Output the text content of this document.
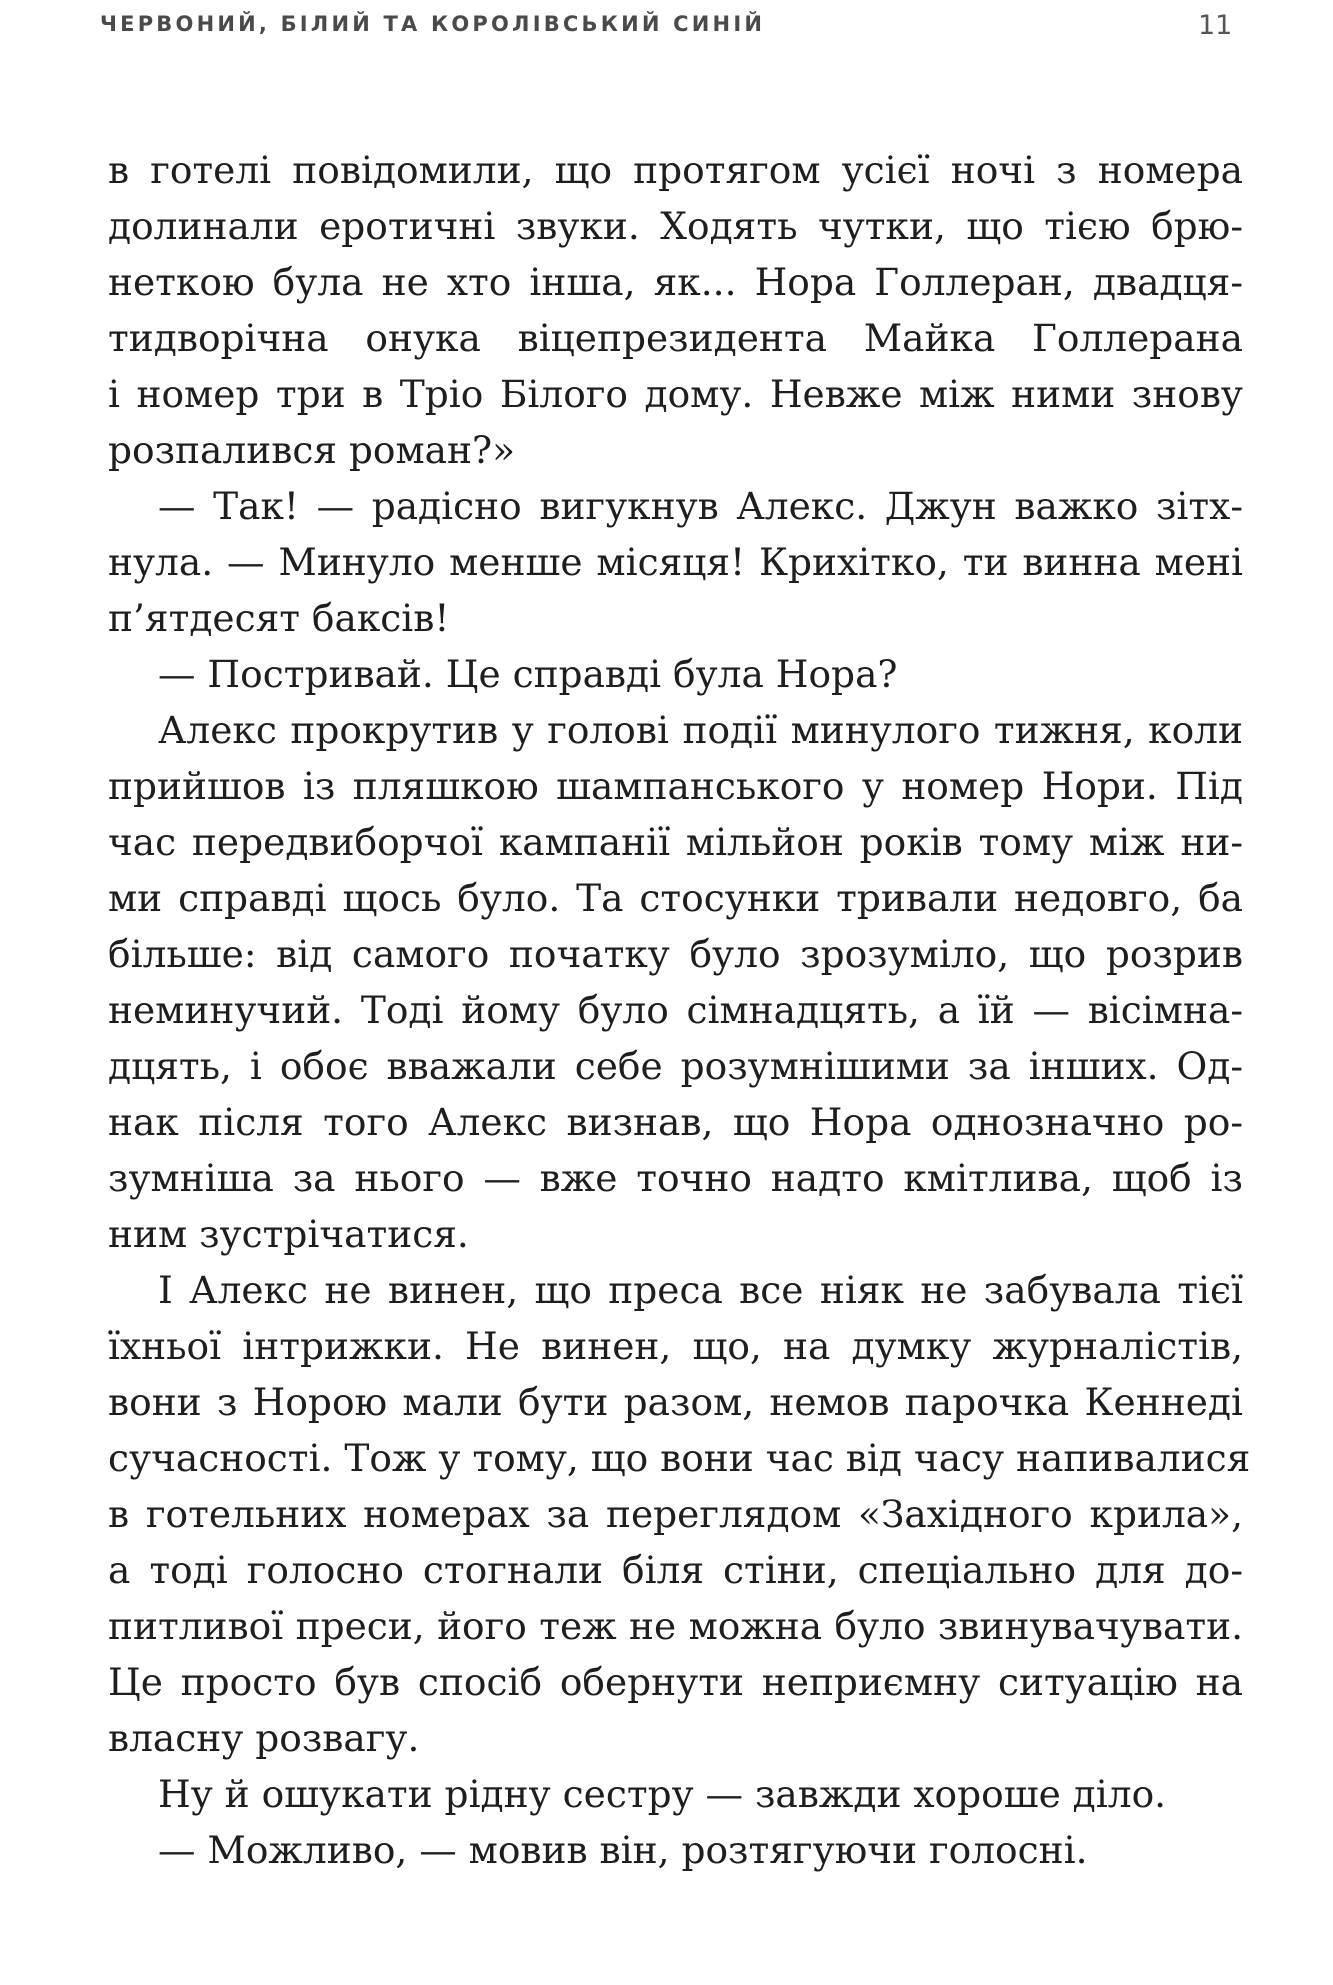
ЧЕРВОНИЙ, БІЛИЙ ТА КОРОЛІВСЬКИЙ СИНІЙ	11
в готелі повідомили, що протягом усієї ночі з номера
долинали еротичні звуки. Ходять чутки, що тією брю-
неткою була не хто інша, як... Нора Голлеран, двадця-
тидворічна онука віцепрезидента Майка Голлерана
і номер три в Тріо Білого дому. Невже між ними знову
розпалився роман?»
— Так! — радісно вигукнув Алекс. Джун важко зітх-
нула. — Минуло менше місяця! Крихітко, ти винна мені
п’ятдесят баксів!
— Постривай. Це справді була Нора?
Алекс прокрутив у голові події минулого тижня, коли
прийшов із пляшкою шампанського у номер Нори. Під
час передвиборчої кампанії мільйон років тому між ни-
ми справді щось було. Та стосунки тривали недовго, ба
більше: від самого початку було зрозуміло, що розрив
неминучий. Тоді йому було сімнадцять, а їй — вісімна-
дцять, і обоє вважали себе розумнішими за інших. Од-
нак після того Алекс визнав, що Нора однозначно ро-
зумніша за нього — вже точно надто кмітлива, щоб із
ним зустрічатися.
І Алекс не винен, що преса все ніяк не забувала тієї
їхньої інтрижки. Не винен, що, на думку журналістів,
вони з Норою мали бути разом, немов парочка Кеннеді
сучасності. Тож у тому, що вони час від часу напивалися
в готельних номерах за переглядом «Західного крила»,
а тоді голосно стогнали біля стіни, спеціально для до-
питливої преси, його теж не можна було звинувачувати.
Це просто був спосіб обернути неприємну ситуацію на
власну розвагу.
Ну й ошукати рідну сестру — завжди хороше діло.
— Можливо, — мовив він, розтягуючи голосні.
